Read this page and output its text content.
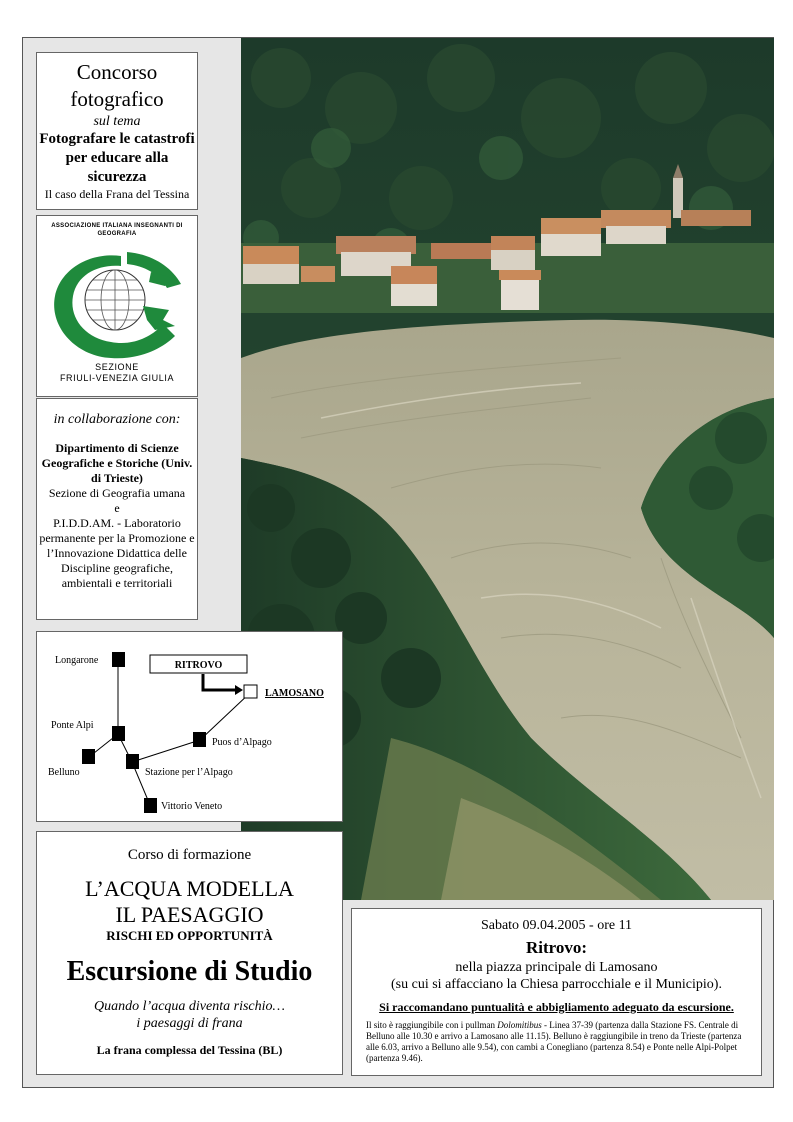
Concorso fotografico
sul tema
Fotografare le catastrofi per educare alla sicurezza
Il caso della Frana del Tessina
ASSOCIAZIONE ITALIANA INSEGNANTI DI GEOGRAFIA
SEZIONE
FRIULI-VENEZIA GIULIA
in collaborazione con:
Dipartimento di Scienze Geografiche e Storiche (Univ. di Trieste)
Sezione di Geografia umana
e
P.I.D.D.AM. - Laboratorio permanente per la Promozione e l’Innovazione Didattica delle Discipline geografiche, ambientali e territoriali
RITROVO
LAMOSANO
Longarone
Ponte Alpi
Belluno	Stazione per l’Alpago
Puos d’Alpago
Vittorio Veneto
Corso di formazione
L’ACQUA MODELLA
IL PAESAGGIO
RISCHI ED OPPORTUNITÀ
Escursione di Studio
Quando l’acqua diventa rischio…
i paesaggi di frana
La frana complessa del Tessina (BL)
Sabato 09.04.2005 - ore 11
Ritrovo:
nella piazza principale di Lamosano
(su cui si affacciano la Chiesa parrocchiale e il Municipio).
Si raccomandano puntualità e abbigliamento adeguato da escursione.
Il sito è raggiungibile con i pullman Dolomitibus - Linea 37-39 (partenza dalla Stazione FS. Centrale di Belluno alle 10.30 e arrivo a Lamosano alle 11.15). Belluno è raggiungibile in treno da Trieste (partenza alle 6.03, arrivo a Belluno alle 9.54), con cambi a Conegliano (partenza 8.54) e Ponte nelle Alpi-Polpet (partenza 9.46).
